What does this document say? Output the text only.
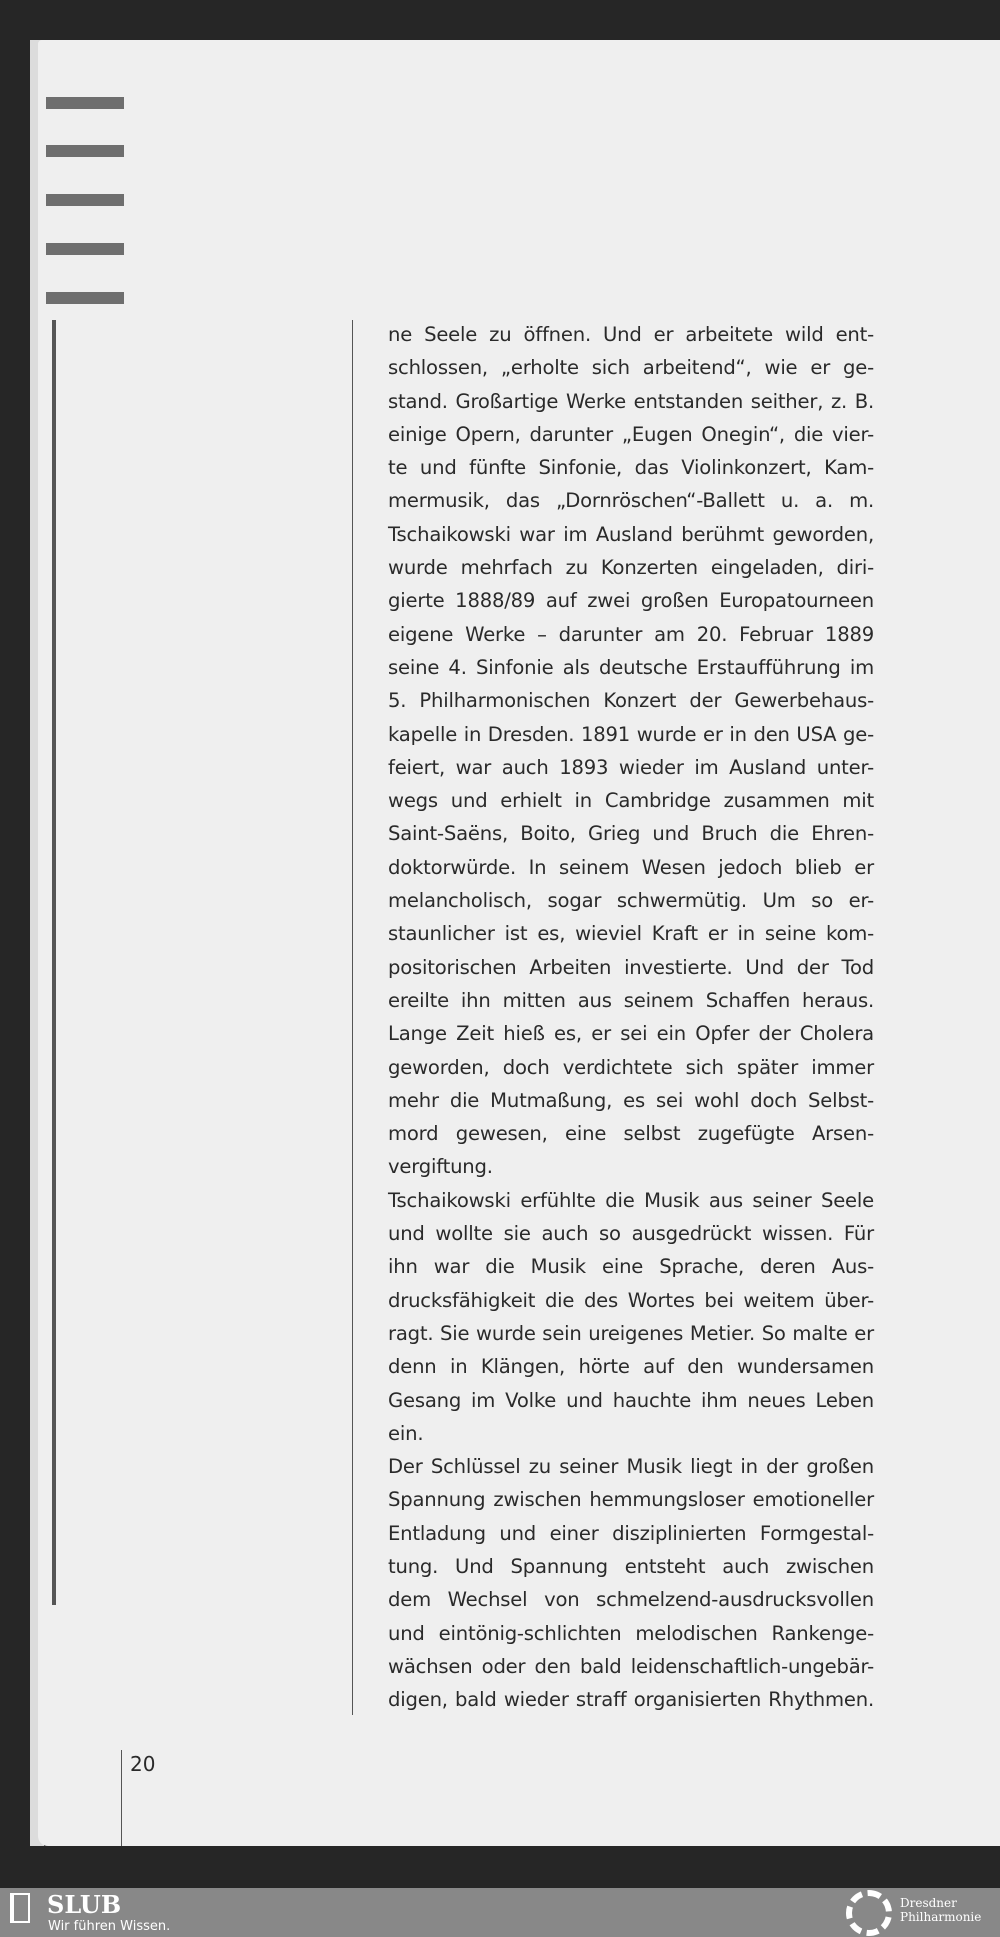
ne Seele zu öffnen. Und er arbeitete wild ent-
schlossen, „erholte sich arbeitend“, wie er ge-
stand. Großartige Werke entstanden seither, z. B.
einige Opern, darunter „Eugen Onegin“, die vier-
te und fünfte Sinfonie, das Violinkonzert, Kam-
mermusik, das „Dornröschen“-Ballett u. a. m.
Tschaikowski war im Ausland berühmt geworden,
wurde mehrfach zu Konzerten eingeladen, diri-
gierte 1888/89 auf zwei großen Europatourneen
eigene Werke – darunter am 20. Februar 1889
seine 4. Sinfonie als deutsche Erstaufführung im
5. Philharmonischen Konzert der Gewerbehaus-
kapelle in Dresden. 1891 wurde er in den USA ge-
feiert, war auch 1893 wieder im Ausland unter-
wegs und erhielt in Cambridge zusammen mit
Saint-Saëns, Boito, Grieg und Bruch die Ehren-
doktorwürde. In seinem Wesen jedoch blieb er
melancholisch, sogar schwermütig. Um so er-
staunlicher ist es, wieviel Kraft er in seine kom-
positorischen Arbeiten investierte. Und der Tod
ereilte ihn mitten aus seinem Schaffen heraus.
Lange Zeit hieß es, er sei ein Opfer der Cholera
geworden, doch verdichtete sich später immer
mehr die Mutmaßung, es sei wohl doch Selbst-
mord gewesen, eine selbst zugefügte Arsen-
vergiftung.
Tschaikowski erfühlte die Musik aus seiner Seele
und wollte sie auch so ausgedrückt wissen. Für
ihn war die Musik eine Sprache, deren Aus-
drucksfähigkeit die des Wortes bei weitem über-
ragt. Sie wurde sein ureigenes Metier. So malte er
denn in Klängen, hörte auf den wundersamen
Gesang im Volke und hauchte ihm neues Leben
ein.
Der Schlüssel zu seiner Musik liegt in der großen
Spannung zwischen hemmungsloser emotioneller
Entladung und einer disziplinierten Formgestal-
tung. Und Spannung entsteht auch zwischen
dem Wechsel von schmelzend-ausdrucksvollen
und eintönig-schlichten melodischen Rankenge-
wächsen oder den bald leidenschaftlich-ungebär-
digen, bald wieder straff organisierten Rhythmen.
20
SLUB
Wir führen Wissen.
Dresdner
Philharmonie
